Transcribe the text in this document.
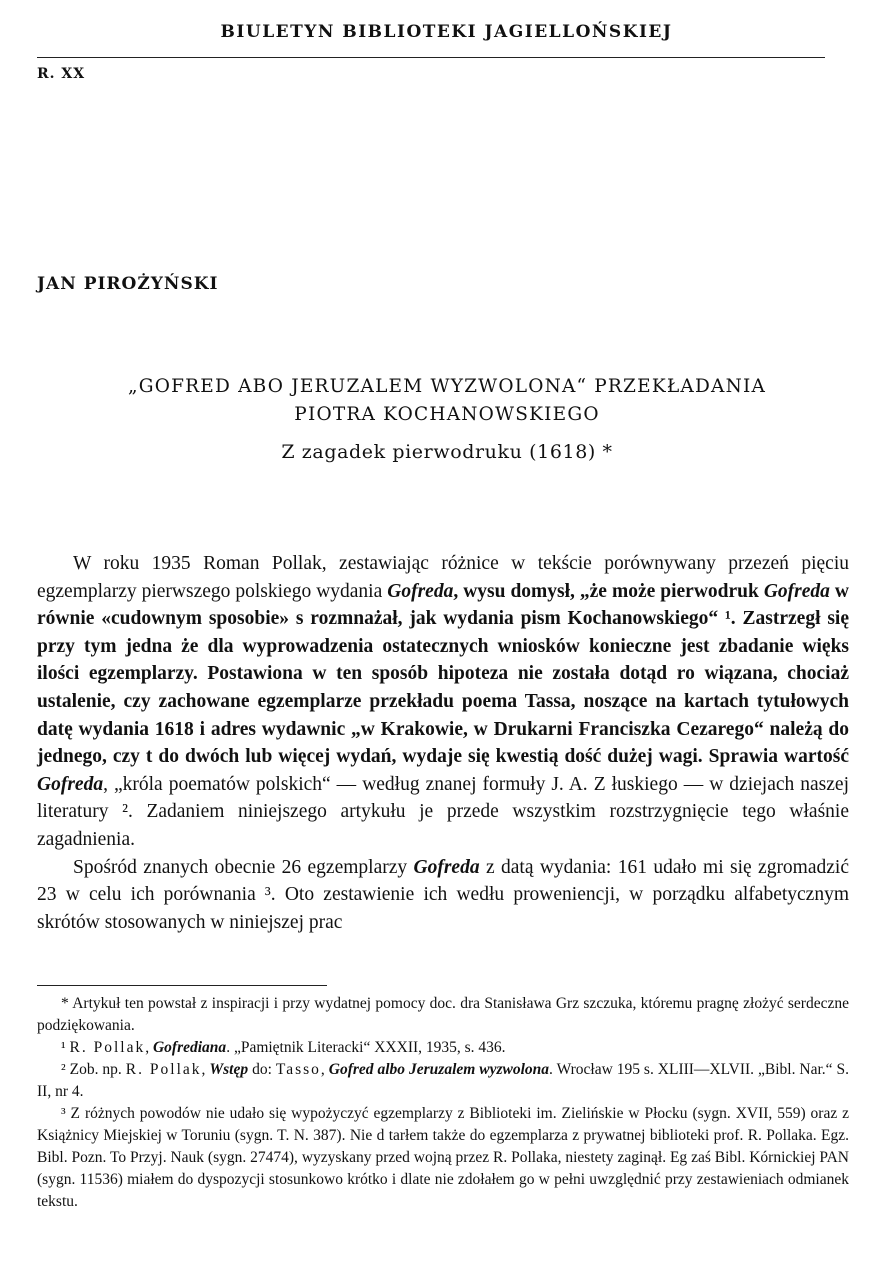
BIULETYN BIBLIOTEKI JAGIELLOŃSKIEJ
R. XX
JAN PIROŻYŃSKI
„GOFRED ABO JERUZALEM WYZWOLONA“ PRZEKŁADANIA
PIOTRA KOCHANOWSKIEGO
Z zagadek pierwodruku (1618) *

W roku 1935 Roman Pollak, zestawiając różnice w tekście porównywany przezeń pięciu egzemplarzy pierwszego polskiego wydania Gofreda, wysu domysł, „że może pierwodruk Gofreda w równie «cudownym sposobie» s rozmnażał, jak wydania pism Kochanowskiego“ ¹. Zastrzegł się przy tym jedna że dla wyprowadzenia ostatecznych wniosków konieczne jest zbadanie więks ilości egzemplarzy. Postawiona w ten sposób hipoteza nie została dotąd ro wiązana, chociaż ustalenie, czy zachowane egzemplarze przekładu poema Tassa, noszące na kartach tytułowych datę wydania 1618 i adres wydawnic „w Krakowie, w Drukarni Franciszka Cezarego“ należą do jednego, czy t do dwóch lub więcej wydań, wydaje się kwestią dość dużej wagi. Sprawia wartość Gofreda, „króla poematów polskich“ — według znanej formuły J. A. Z łuskiego — w dziejach naszej literatury ². Zadaniem niniejszego artykułu je przede wszystkim rozstrzygnięcie tego właśnie zagadnienia.

Spośród znanych obecnie 26 egzemplarzy Gofreda z datą wydania: 161 udało mi się zgromadzić 23 w celu ich porównania ³. Oto zestawienie ich wedłu proweniencji, w porządku alfabetycznym skrótów stosowanych w niniejszej prac

* Artykuł ten powstał z inspiracji i przy wydatnej pomocy doc. dra Stanisława Grz szczuka, któremu pragnę złożyć serdeczne podziękowania.

¹ R. Pollak, Gofrediana. „Pamiętnik Literacki“ XXXII, 1935, s. 436.

² Zob. np. R. Pollak, Wstęp do: Tasso, Gofred albo Jeruzalem wyzwolona. Wrocław 195 s. XLIII—XLVII. „Bibl. Nar.“ S. II, nr 4.

³ Z różnych powodów nie udało się wypożyczyć egzemplarzy z Biblioteki im. Zielińskie w Płocku (sygn. XVII, 559) oraz z Książnicy Miejskiej w Toruniu (sygn. T. N. 387). Nie d tarłem także do egzemplarza z prywatnej biblioteki prof. R. Pollaka. Egz. Bibl. Pozn. To Przyj. Nauk (sygn. 27474), wyzyskany przed wojną przez R. Pollaka, niestety zaginął. Eg zaś Bibl. Kórnickiej PAN (sygn. 11536) miałem do dyspozycji stosunkowo krótko i dlate nie zdołałem go w pełni uwzględnić przy zestawieniach odmianek tekstu.
